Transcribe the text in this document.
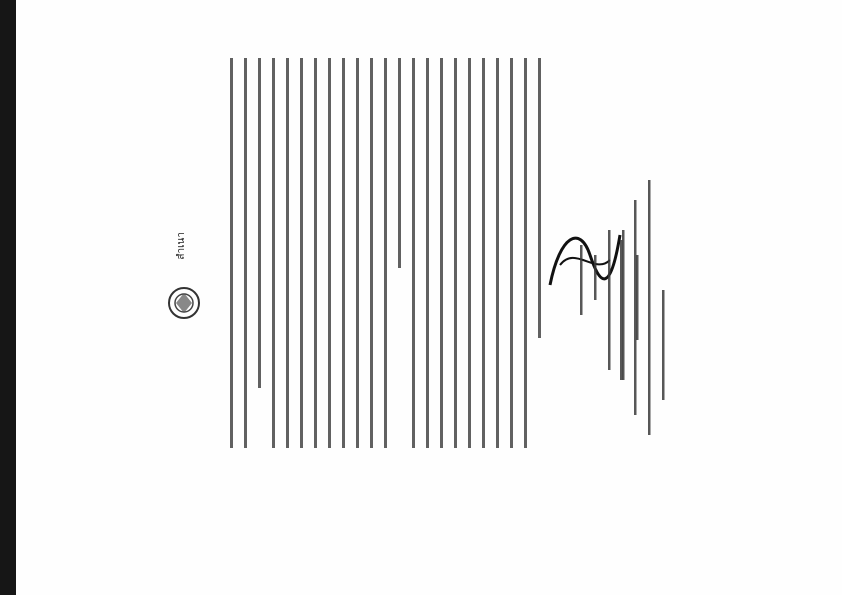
สำเนา
